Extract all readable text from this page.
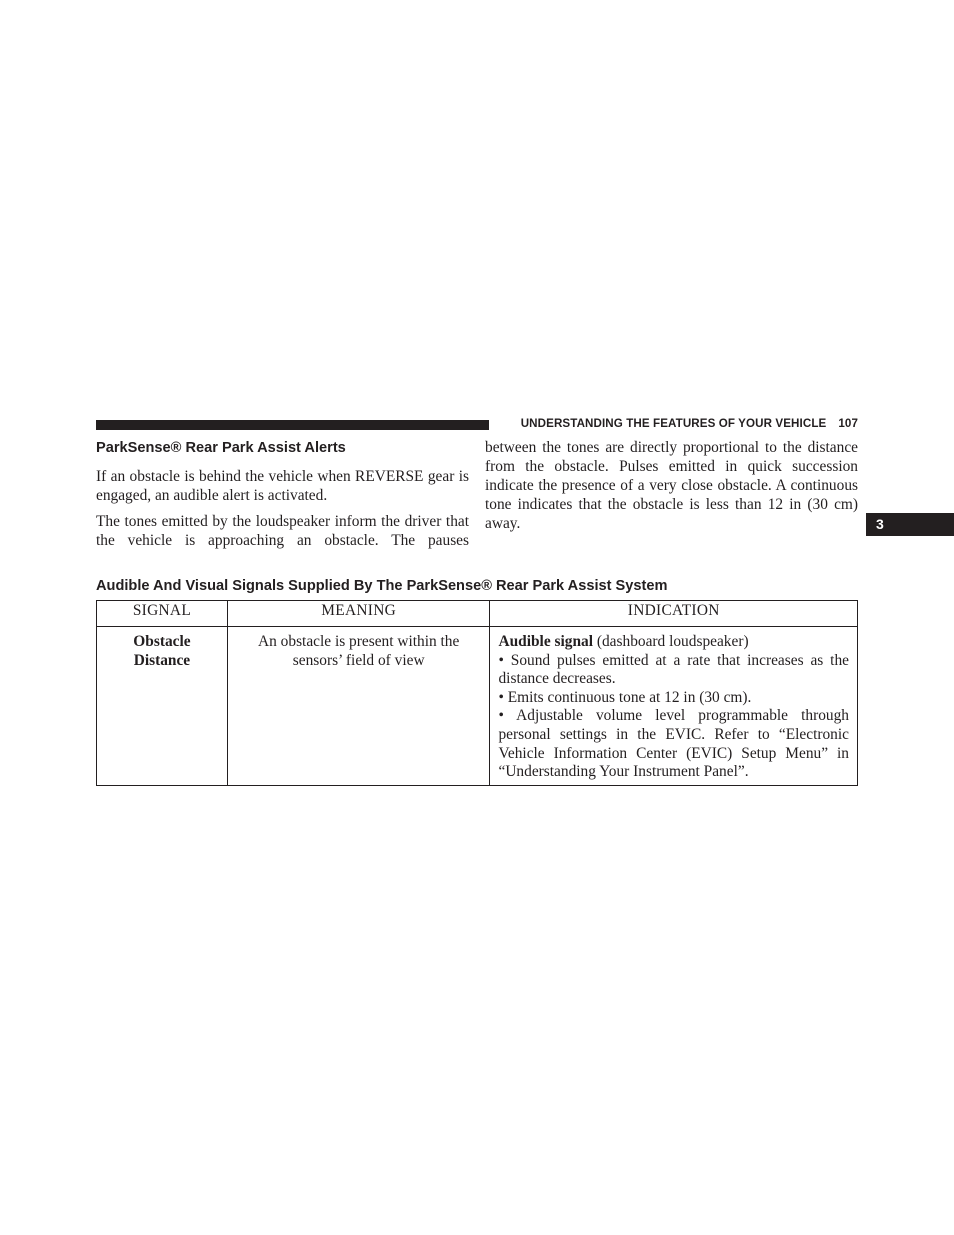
UNDERSTANDING THE FEATURES OF YOUR VEHICLE 107
3
ParkSense® Rear Park Assist Alerts

If an obstacle is behind the vehicle when REVERSE gear is engaged, an audible alert is activated.

The tones emitted by the loudspeaker inform the driver that the vehicle is approaching an obstacle. The pauses

between the tones are directly proportional to the distance from the obstacle. Pulses emitted in quick succession indicate the presence of a very close obstacle. A continuous tone indicates that the obstacle is less than 12 in (30 cm) away.

Audible And Visual Signals Supplied By The ParkSense® Rear Park Assist System
SIGNAL	MEANING	INDICATION

Obstacle
Distance	An obstacle is present within the sensors’ field of view	Audible signal (dashboard loudspeaker)
• Sound pulses emitted at a rate that increases as the distance decreases.
• Emits continuous tone at 12 in (30 cm).
• Adjustable volume level programmable through personal settings in the EVIC. Refer to “Electronic Vehicle Information Center (EVIC) Setup Menu” in “Understanding Your Instrument Panel”.
